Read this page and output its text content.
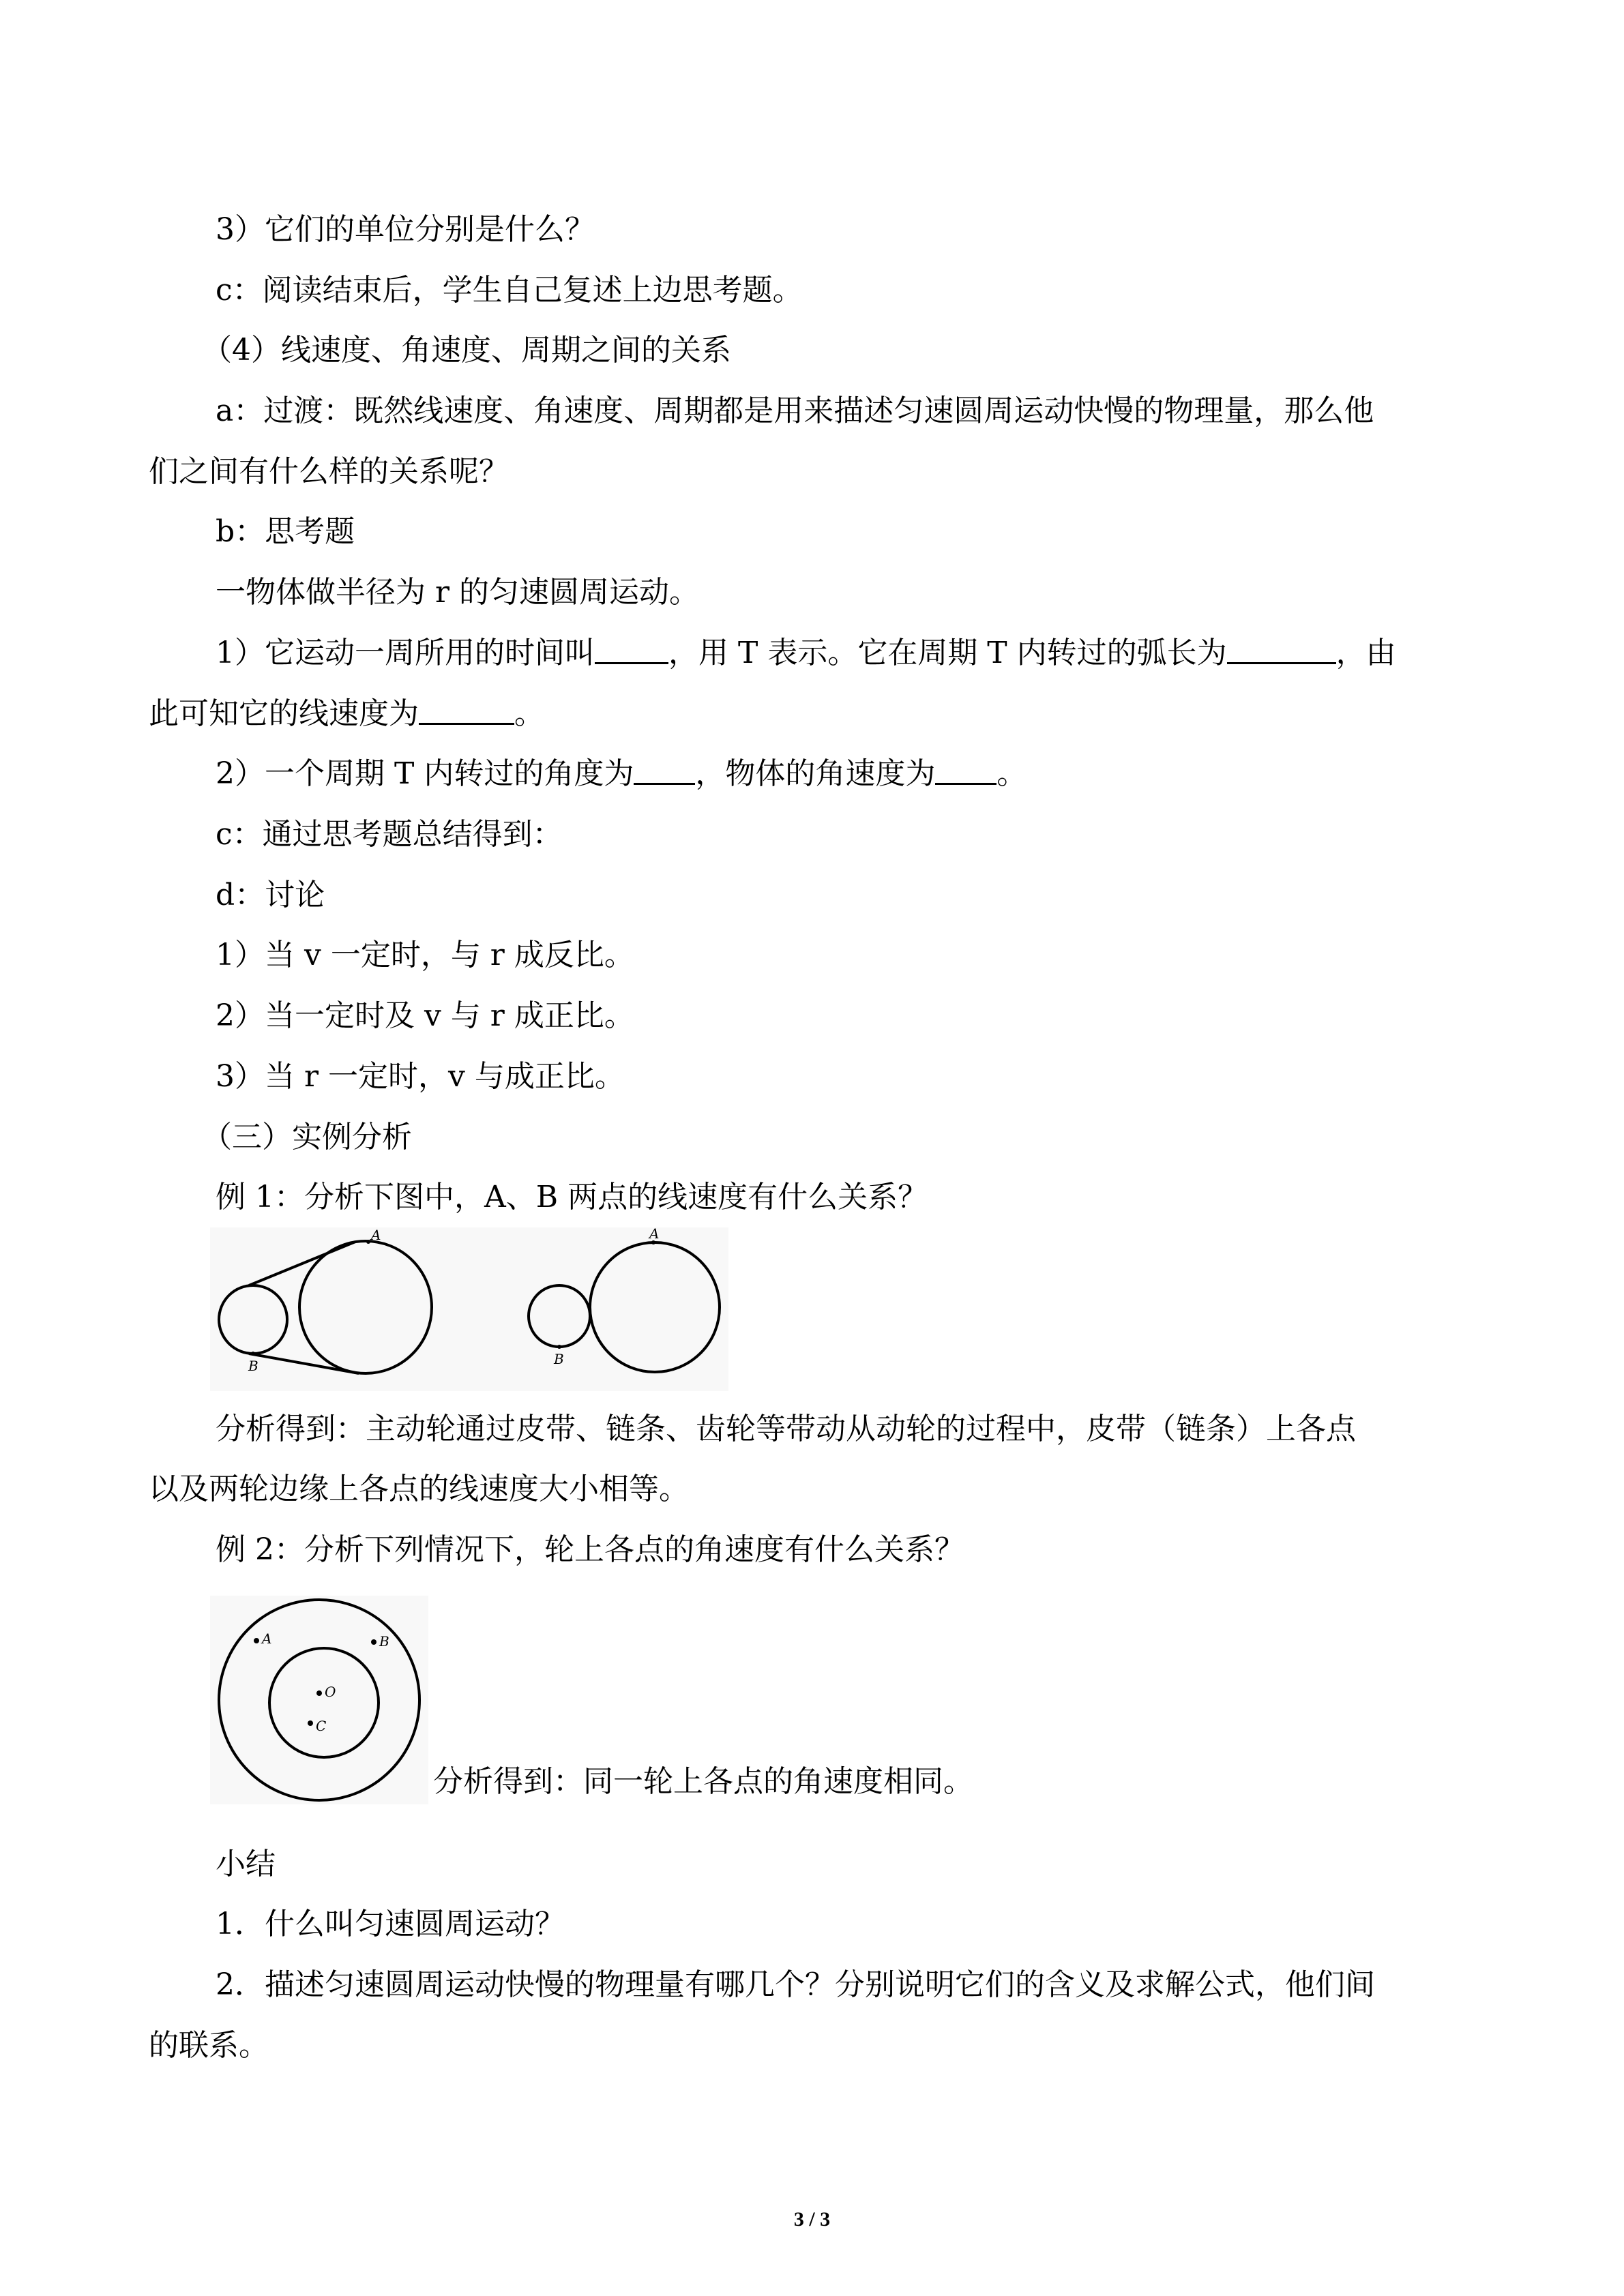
3）它们的单位分别是什么？
c：阅读结束后，学生自己复述上边思考题。
（4）线速度、角速度、周期之间的关系
a：过渡：既然线速度、角速度、周期都是用来描述匀速圆周运动快慢的物理量，那么他
们之间有什么样的关系呢？
b：思考题
一物体做半径为 r 的匀速圆周运动。
1）它运动一周所用的时间叫 ，用 T 表示。它在周期 T 内转过的弧长为	，由
此可知它的线速度为	。
2）一个周期 T 内转过的角度为 ，物体的角速度为 。
c：通过思考题总结得到：
d：讨论
1）当 v 一定时，与 r 成反比。
2）当一定时及 v 与 r 成正比。
3）当 r 一定时，v 与成正比。
（三）实例分析
例 1：分析下图中，A、B 两点的线速度有什么关系？
A
B
A
B
分析得到：主动轮通过皮带、链条、齿轮等带动从动轮的过程中，皮带（链条）上各点
以及两轮边缘上各点的线速度大小相等。
例 2：分析下列情况下，轮上各点的角速度有什么关系？
A	B
O
C
分析得到：同一轮上各点的角速度相同。
小结
1．什么叫匀速圆周运动？
2．描述匀速圆周运动快慢的物理量有哪几个？分别说明它们的含义及求解公式，他们间
的联系。
3 / 3
